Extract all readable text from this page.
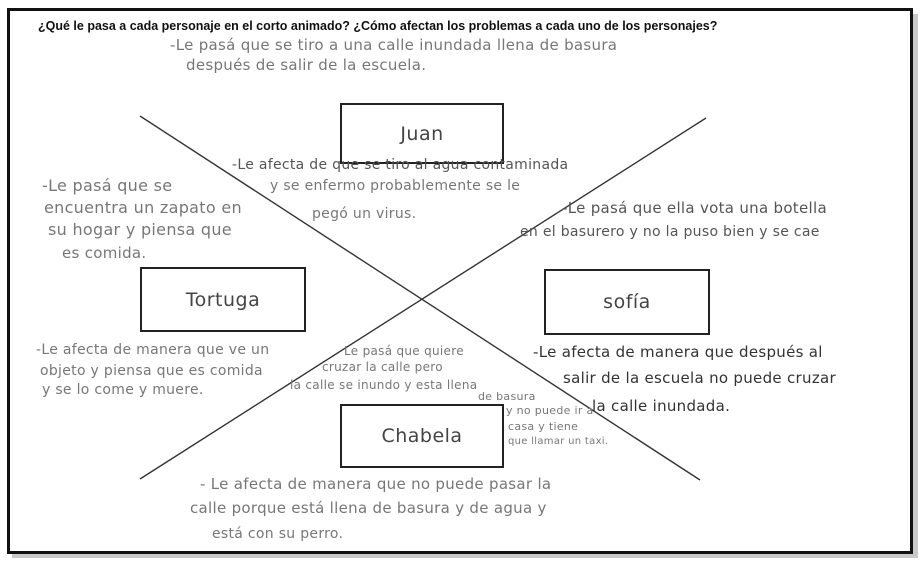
¿Qué le pasa a cada personaje en el corto animado? ¿Cómo afectan los problemas a cada uno de los personajes?
-Le pasá que se tiro a una calle inundada llena de basura
después de salir de la escuela.
Juan
-Le afecta de que se tiro al agua contaminada
y se enfermo probablemente se le
pegó un virus.
-Le pasá que se
encuentra un zapato en
su hogar y piensa que
es comida.
Tortuga
-Le afecta de manera que ve un
objeto y piensa que es comida
y se lo come y muere.
-Le pasá que ella vota una botella
en el basurero y no la puso bien y se cae
sofía
-Le afecta de manera que después al
salir de la escuela no puede cruzar
la calle inundada.
Le pasá que quiere
cruzar la calle pero
la calle se inundo y esta llena
de basura
y no puede ir a
casa y tiene
que llamar un taxi.
Chabela
- Le afecta de manera que no puede pasar la
calle porque está llena de basura y de agua y
está con su perro.
